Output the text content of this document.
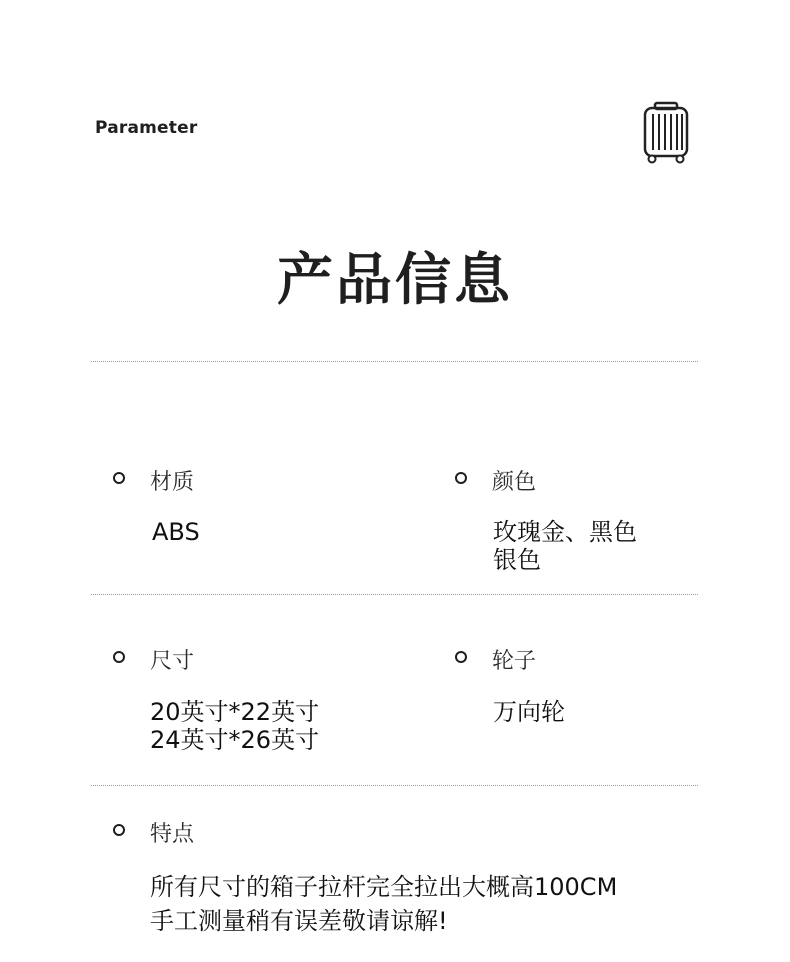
Parameter
产品信息
材质
ABS
颜色
玫瑰金、黑色
银色
尺寸
20英寸*22英寸
24英寸*26英寸
轮子
万向轮
特点
所有尺寸的箱子拉杆完全拉出大概高100CM
手工测量稍有误差敬请谅解!
